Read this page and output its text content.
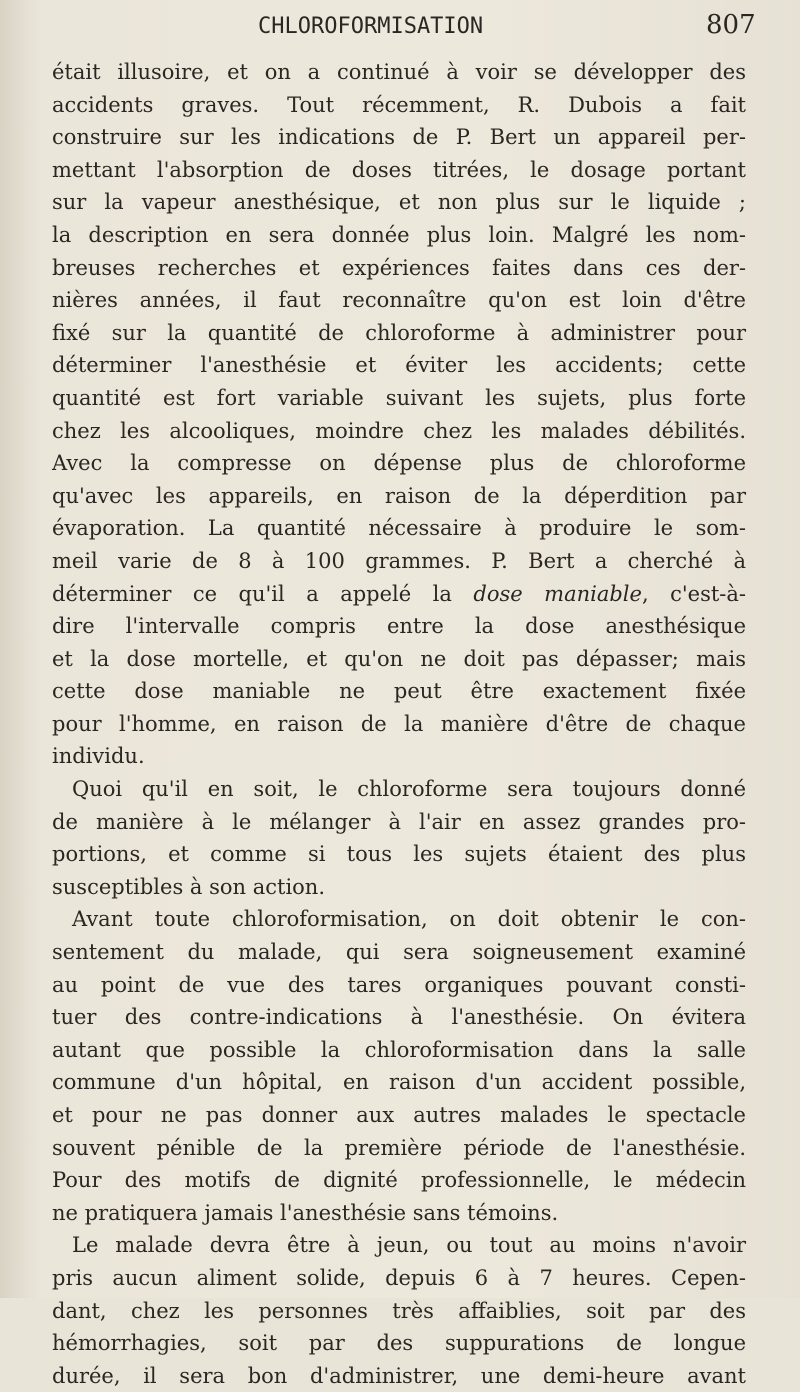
CHLOROFORMISATION	807
était illusoire, et on a continué à voir se développer des
accidents graves. Tout récemment, R. Dubois a fait
construire sur les indications de P. Bert un appareil per-
mettant l'absorption de doses titrées, le dosage portant
sur la vapeur anesthésique, et non plus sur le liquide ;
la description en sera donnée plus loin. Malgré les nom-
breuses recherches et expériences faites dans ces der-
nières années, il faut reconnaître qu'on est loin d'être
fixé sur la quantité de chloroforme à administrer pour
déterminer l'anesthésie et éviter les accidents; cette
quantité est fort variable suivant les sujets, plus forte
chez les alcooliques, moindre chez les malades débilités.
Avec la compresse on dépense plus de chloroforme
qu'avec les appareils, en raison de la déperdition par
évaporation. La quantité nécessaire à produire le som-
meil varie de 8 à 100 grammes. P. Bert a cherché à
déterminer ce qu'il a appelé la dose maniable, c'est-à-
dire l'intervalle compris entre la dose anesthésique
et la dose mortelle, et qu'on ne doit pas dépasser; mais
cette dose maniable ne peut être exactement fixée
pour l'homme, en raison de la manière d'être de chaque
individu.
Quoi qu'il en soit, le chloroforme sera toujours donné
de manière à le mélanger à l'air en assez grandes pro-
portions, et comme si tous les sujets étaient des plus
susceptibles à son action.
Avant toute chloroformisation, on doit obtenir le con-
sentement du malade, qui sera soigneusement examiné
au point de vue des tares organiques pouvant consti-
tuer des contre-indications à l'anesthésie. On évitera
autant que possible la chloroformisation dans la salle
commune d'un hôpital, en raison d'un accident possible,
et pour ne pas donner aux autres malades le spectacle
souvent pénible de la première période de l'anesthésie.
Pour des motifs de dignité professionnelle, le médecin
ne pratiquera jamais l'anesthésie sans témoins.
Le malade devra être à jeun, ou tout au moins n'avoir
pris aucun aliment solide, depuis 6 à 7 heures. Cepen-
dant, chez les personnes très affaiblies, soit par des
hémorrhagies, soit par des suppurations de longue
durée, il sera bon d'administrer, une demi-heure avant
